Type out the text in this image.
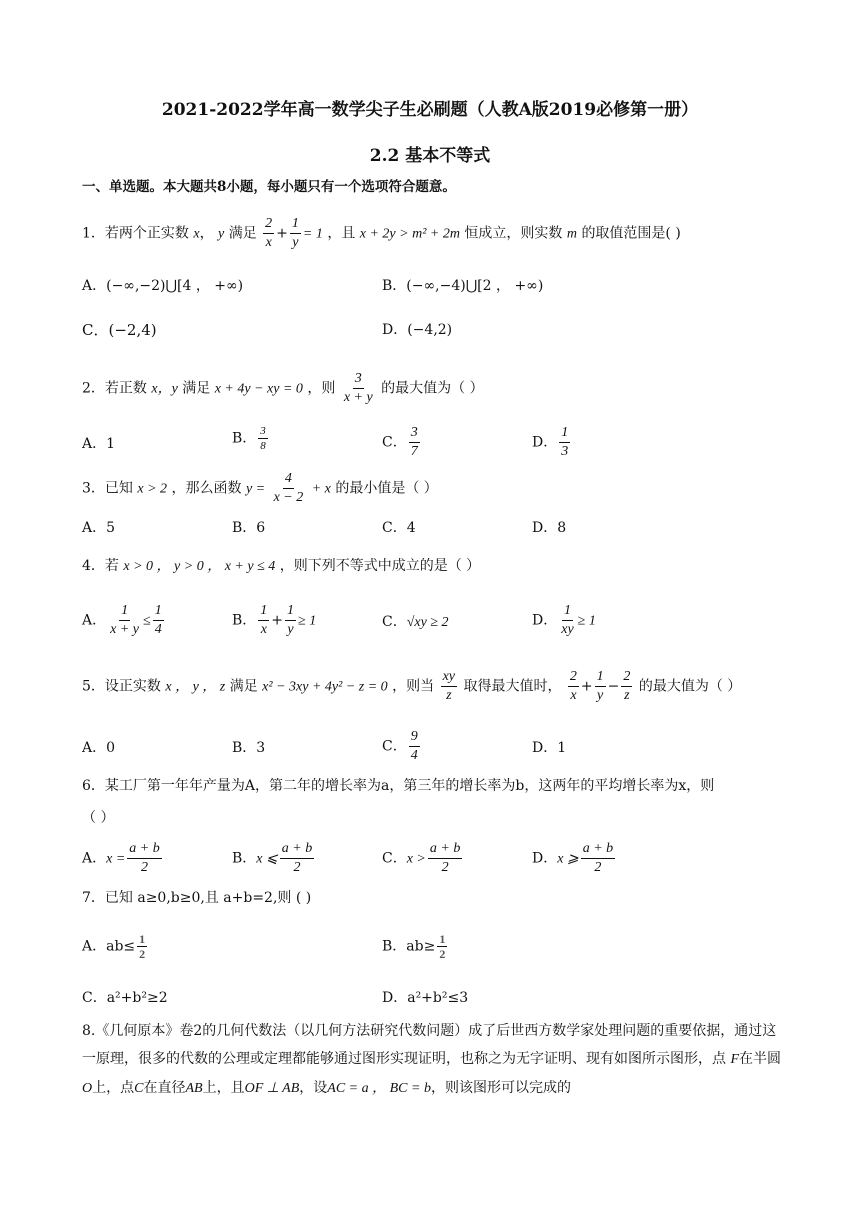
2021-2022学年高一数学尖子生必刷题（人教A版2019必修第一册）
2.2 基本不等式
一、单选题。本大题共8小题，每小题只有一个选项符合题意。
1．若两个正实数 x， y 满足 $\frac{2}{x} + \frac{1}{y} = 1$ ，且 x + 2y > m² + 2m 恒成立，则实数 m 的取值范围是( )
A．(−∞,−2)⋃[4 ， +∞)	B．(−∞,−4)⋃[2 ， +∞)
C．(−2,4)	D．(−4,2)
2．若正数 x，y 满足 x + 4y − xy = 0 ，则 $\frac{3}{x + y}$ 的最大值为（ ）
A．1	B． $\frac{3}{8}$	C． $\frac{3}{7}$	D． $\frac{1}{3}$
3．已知 x > 2 ，那么函数 $y = \frac{4}{x - 2} + x$ 的最小值是（ ）
A．5	B．6	C．4	D．8
4．若 x > 0 ， y > 0 ， x + y ≤ 4 ，则下列不等式中成立的是（ ）
A． $\frac{1}{x + y} \le \frac{1}{4}$	B． $\frac{1}{x} + \frac{1}{y} \ge 1$	C．√xy ≥ 2	D． $\frac{1}{xy} \ge 1$
5．设正实数 x ， y ， z 满足 x² − 3xy + 4y² − z = 0 ，则当 $\frac{xy}{z}$ 取得最大值时， $\frac{2}{x} + \frac{1}{y} - \frac{2}{z}$ 的最大值为（ ）
A．0	B．3	C． $\frac{9}{4}$	D．1
6．某工厂第一年年产量为A，第二年的增长率为a，第三年的增长率为b，这两年的平均增长率为x，则
（ ）
A．$x = \frac{a + b}{2}$	B．x ⩽ $\frac{a + b}{2}$	C．$x > \frac{a + b}{2}$	D．x ⩾ $\frac{a + b}{2}$
7．已知 a≥0,b≥0,且 a+b=2,则 ( )
A．$ab\le \frac{1}{2}$	B．$ab\ge \frac{1}{2}$
C．a²+b²≥2	D．a²+b²≤3
8.《几何原本》卷2的几何代数法（以几何方法研究代数问题）成了后世西方数学家处理问题的重要依据，通过这一原理，很多的代数的公理或定理都能够通过图形实现证明，也称之为无字证明、现有如图所示图形，点 F在半圆O上，点C在直径AB上，且OF ⊥ AB，设AC = a ， BC = b，则该图形可以完成的
